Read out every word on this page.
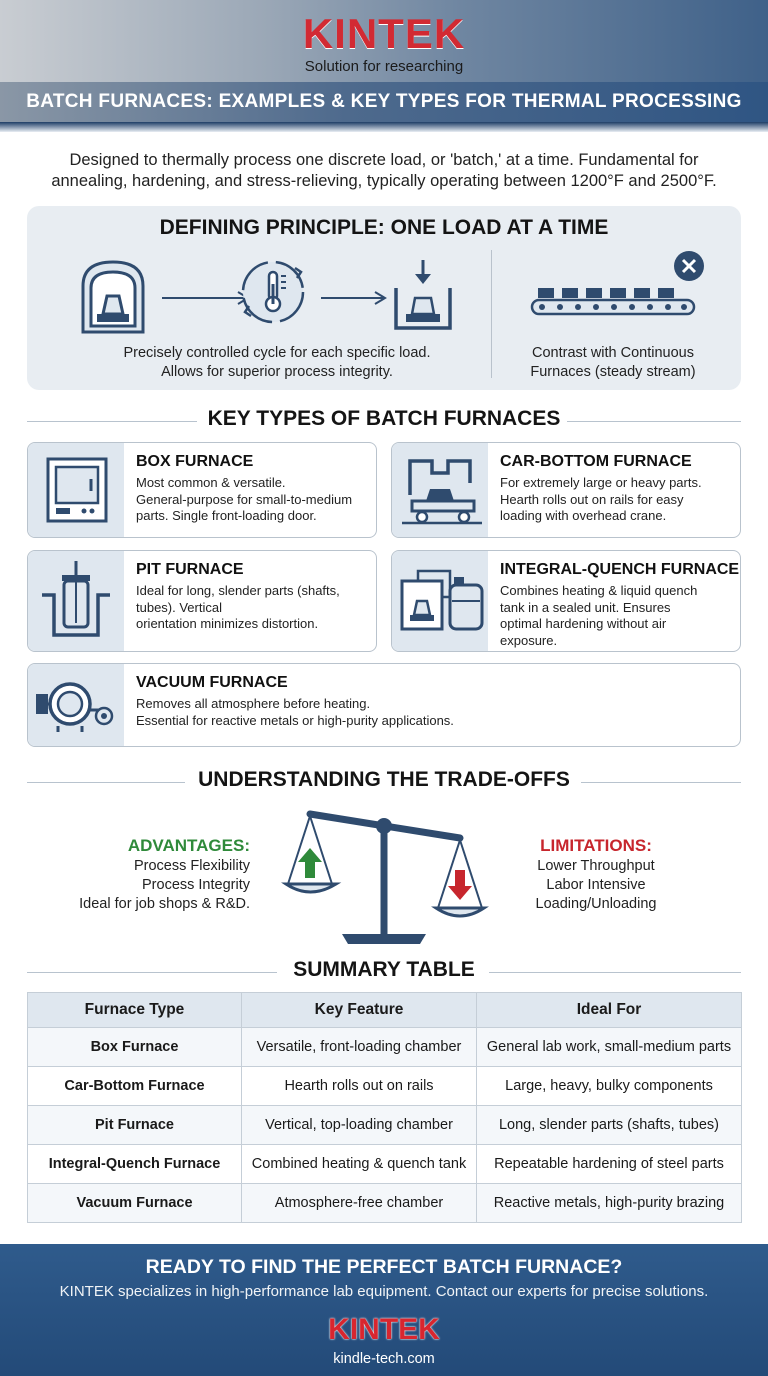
KINTEK
Solution for researching
BATCH FURNACES: EXAMPLES & KEY TYPES FOR THERMAL PROCESSING
Designed to thermally process one discrete load, or 'batch,' at a time. Fundamental for annealing, hardening, and stress-relieving, typically operating between 1200°F and 2500°F.
DEFINING PRINCIPLE: ONE LOAD AT A TIME
Precisely controlled cycle for each specific load.
Allows for superior process integrity.
Contrast with Continuous
Furnaces (steady stream)
KEY TYPES OF BATCH FURNACES
BOX FURNACE
Most common & versatile.
General-purpose for small-to-medium
parts. Single front-loading door.
CAR-BOTTOM FURNACE
For extremely large or heavy parts.
Hearth rolls out on rails for easy
loading with overhead crane.
PIT FURNACE
Ideal for long, slender parts (shafts,
tubes). Vertical
orientation minimizes distortion.
INTEGRAL-QUENCH FURNACE
Combines heating & liquid quench
tank in a sealed unit. Ensures
optimal hardening without air
exposure.
VACUUM FURNACE
Removes all atmosphere before heating.
Essential for reactive metals or high-purity applications.
UNDERSTANDING THE TRADE-OFFS
ADVANTAGES:
Process Flexibility
Process Integrity
Ideal for job shops & R&D.
LIMITATIONS:
Lower Throughput
Labor Intensive
Loading/Unloading
SUMMARY TABLE
Furnace Type	Key Feature	Ideal For
Box Furnace	Versatile, front-loading chamber	General lab work, small-medium parts
Car-Bottom Furnace	Hearth rolls out on rails	Large, heavy, bulky components
Pit Furnace	Vertical, top-loading chamber	Long, slender parts (shafts, tubes)
Integral-Quench Furnace	Combined heating & quench tank	Repeatable hardening of steel parts
Vacuum Furnace	Atmosphere-free chamber	Reactive metals, high-purity brazing
READY TO FIND THE PERFECT BATCH FURNACE?
KINTEK specializes in high-performance lab equipment. Contact our experts for precise solutions.
KINTEK
kindle-tech.com
